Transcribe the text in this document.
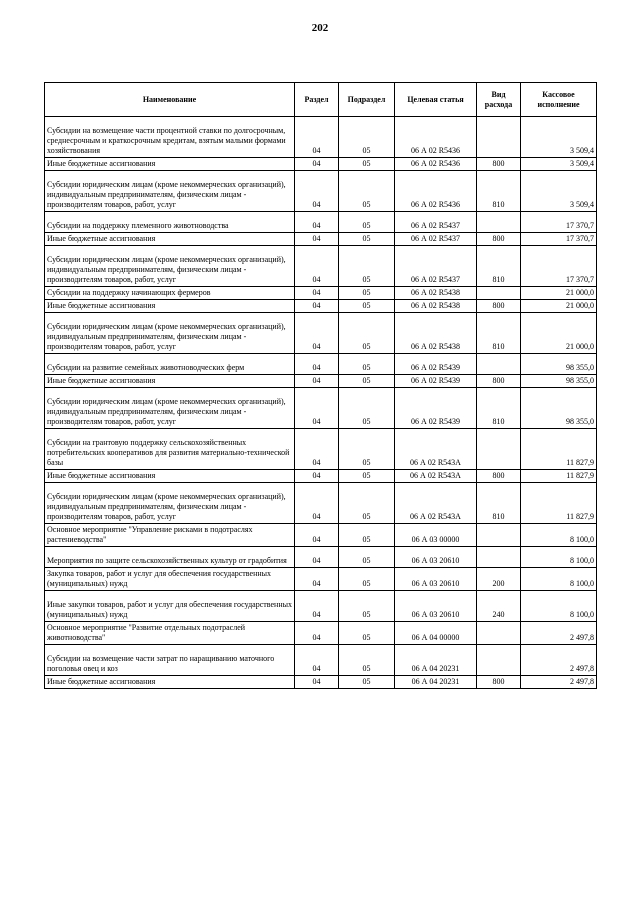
202
Наименование	Раздел	Подраздел	Целевая статья	Вид расхода	Кассовое исполнение
Субсидии на возмещение части процентной ставки по долгосрочным, среднесрочным и краткосрочным кредитам, взятым малыми формами хозяйствования	04	05	06 А 02 R5436		3 509,4
Иные бюджетные ассигнования	04	05	06 А 02 R5436	800	3 509,4
Субсидии юридическим лицам (кроме некоммерческих организаций), индивидуальным предпринимателям, физическим лицам - производителям товаров, работ, услуг	04	05	06 А 02 R5436	810	3 509,4
Субсидии на поддержку племенного животноводства	04	05	06 А 02 R5437		17 370,7
Иные бюджетные ассигнования	04	05	06 А 02 R5437	800	17 370,7
Субсидии юридическим лицам (кроме некоммерческих организаций), индивидуальным предпринимателям, физическим лицам - производителям товаров, работ, услуг	04	05	06 А 02 R5437	810	17 370,7
Субсидии на поддержку начинающих фермеров	04	05	06 А 02 R5438		21 000,0
Иные бюджетные ассигнования	04	05	06 А 02 R5438	800	21 000,0
Субсидии юридическим лицам (кроме некоммерческих организаций), индивидуальным предпринимателям, физическим лицам - производителям товаров, работ, услуг	04	05	06 А 02 R5438	810	21 000,0
Субсидии на развитие семейных животноводческих ферм	04	05	06 А 02 R5439		98 355,0
Иные бюджетные ассигнования	04	05	06 А 02 R5439	800	98 355,0
Субсидии юридическим лицам (кроме некоммерческих организаций), индивидуальным предпринимателям, физическим лицам - производителям товаров, работ, услуг	04	05	06 А 02 R5439	810	98 355,0
Субсидии на грантовую поддержку сельскохозяйственных потребительских кооперативов для развития материально-технической базы	04	05	06 А 02 R543А		11 827,9
Иные бюджетные ассигнования	04	05	06 А 02 R543А	800	11 827,9
Субсидии юридическим лицам (кроме некоммерческих организаций), индивидуальным предпринимателям, физическим лицам - производителям товаров, работ, услуг	04	05	06 А 02 R543А	810	11 827,9
Основное мероприятие "Управление рисками в подотраслях растениеводства"	04	05	06 А 03 00000		8 100,0
Мероприятия по защите сельскохозяйственных культур от градобития	04	05	06 А 03 20610		8 100,0
Закупка товаров, работ и услуг для обеспечения государственных (муниципальных) нужд	04	05	06 А 03 20610	200	8 100,0
Иные закупки товаров, работ и услуг для обеспечения государственных (муниципальных) нужд	04	05	06 А 03 20610	240	8 100,0
Основное мероприятие "Развитие отдельных подотраслей животноводства"	04	05	06 А 04 00000		2 497,8
Субсидии на возмещение части затрат по наращиванию маточного поголовья овец и коз	04	05	06 А 04 20231		2 497,8
Иные бюджетные ассигнования	04	05	06 А 04 20231	800	2 497,8
